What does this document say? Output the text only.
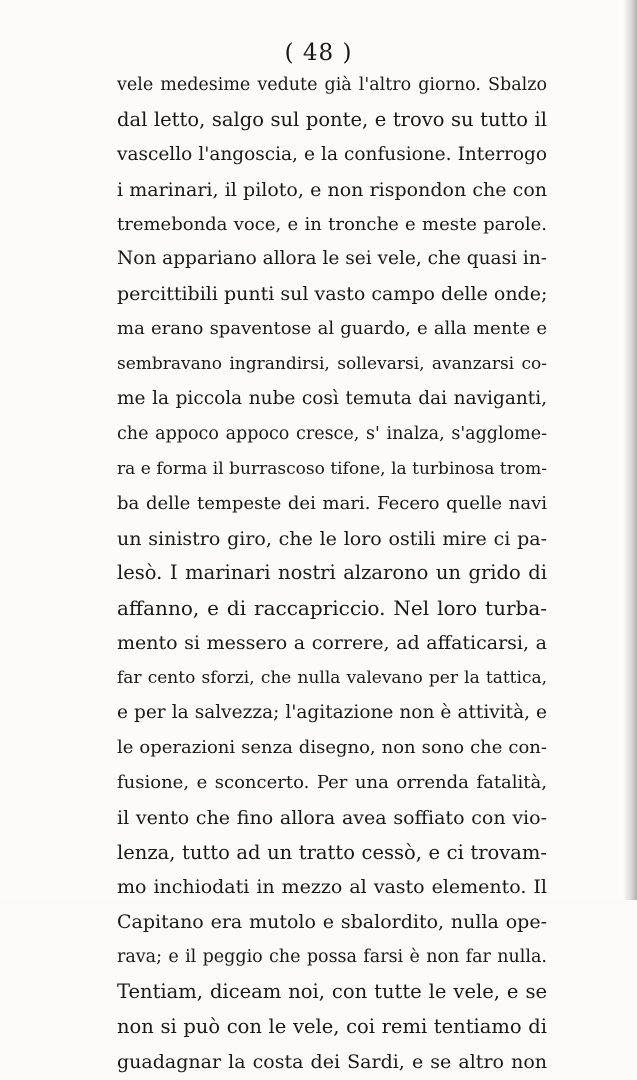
( 48 )
vele medesime vedute già l'altro giorno. Sbalzo
dal letto, salgo sul ponte, e trovo su tutto il
vascello l'angoscia, e la confusione. Interrogo
i marinari, il piloto, e non rispondon che con
tremebonda voce, e in tronche e meste parole.
Non appariano allora le sei vele, che quasi in-
percittibili punti sul vasto campo delle onde;
ma erano spaventose al guardo, e alla mente e
sembravano ingrandirsi, sollevarsi, avanzarsi co-
me la piccola nube così temuta dai naviganti,
che appoco appoco cresce, s' inalza, s'agglome-
ra e forma il burrascoso tifone, la turbinosa trom-
ba delle tempeste dei mari. Fecero quelle navi
un sinistro giro, che le loro ostili mire ci pa-
lesò. I marinari nostri alzarono un grido di
affanno, e di raccapriccio. Nel loro turba-
mento si messero a correre, ad affaticarsi, a
far cento sforzi, che nulla valevano per la tattica,
e per la salvezza; l'agitazione non è attività, e
le operazioni senza disegno, non sono che con-
fusione, e sconcerto. Per una orrenda fatalità,
il vento che fino allora avea soffiato con vio-
lenza, tutto ad un tratto cessò, e ci trovam-
mo inchiodati in mezzo al vasto elemento. Il
Capitano era mutolo e sbalordito, nulla ope-
rava; e il peggio che possa farsi è non far nulla.
Tentiam, diceam noi, con tutte le vele, e se
non si può con le vele, coi remi tentiamo di
guadagnar la costa dei Sardi, e se altro non
